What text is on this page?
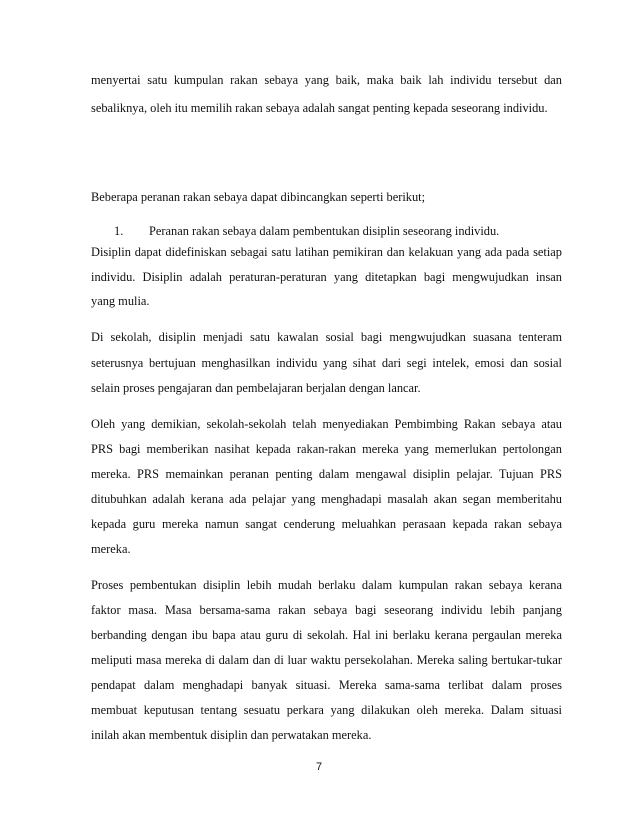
menyertai satu kumpulan rakan sebaya yang baik, maka baik lah individu tersebut dan
sebaliknya, oleh itu memilih rakan sebaya adalah sangat penting kepada seseorang individu.
Beberapa peranan rakan sebaya dapat dibincangkan seperti berikut;
1. Peranan rakan sebaya dalam pembentukan disiplin seseorang individu.
Disiplin dapat didefiniskan sebagai satu latihan pemikiran dan kelakuan yang ada pada setiap
individu. Disiplin adalah peraturan-peraturan yang ditetapkan bagi mengwujudkan insan
yang mulia.
Di sekolah, disiplin menjadi satu kawalan sosial bagi mengwujudkan suasana tenteram
seterusnya bertujuan menghasilkan individu yang sihat dari segi intelek, emosi dan sosial
selain proses pengajaran dan pembelajaran berjalan dengan lancar.
Oleh yang demikian, sekolah-sekolah telah menyediakan Pembimbing Rakan sebaya atau
PRS bagi memberikan nasihat kepada rakan-rakan mereka yang memerlukan pertolongan
mereka. PRS memainkan peranan penting dalam mengawal disiplin pelajar. Tujuan PRS
ditubuhkan adalah kerana ada pelajar yang menghadapi masalah akan segan memberitahu
kepada guru mereka namun sangat cenderung meluahkan perasaan kepada rakan sebaya
mereka.
Proses pembentukan disiplin lebih mudah berlaku dalam kumpulan rakan sebaya kerana
faktor masa. Masa bersama-sama rakan sebaya bagi seseorang individu lebih panjang
berbanding dengan ibu bapa atau guru di sekolah. Hal ini berlaku kerana pergaulan mereka
meliputi masa mereka di dalam dan di luar waktu persekolahan. Mereka saling bertukar-tukar
pendapat dalam menghadapi banyak situasi. Mereka sama-sama terlibat dalam proses
membuat keputusan tentang sesuatu perkara yang dilakukan oleh mereka. Dalam situasi
inilah akan membentuk disiplin dan perwatakan mereka.
7
